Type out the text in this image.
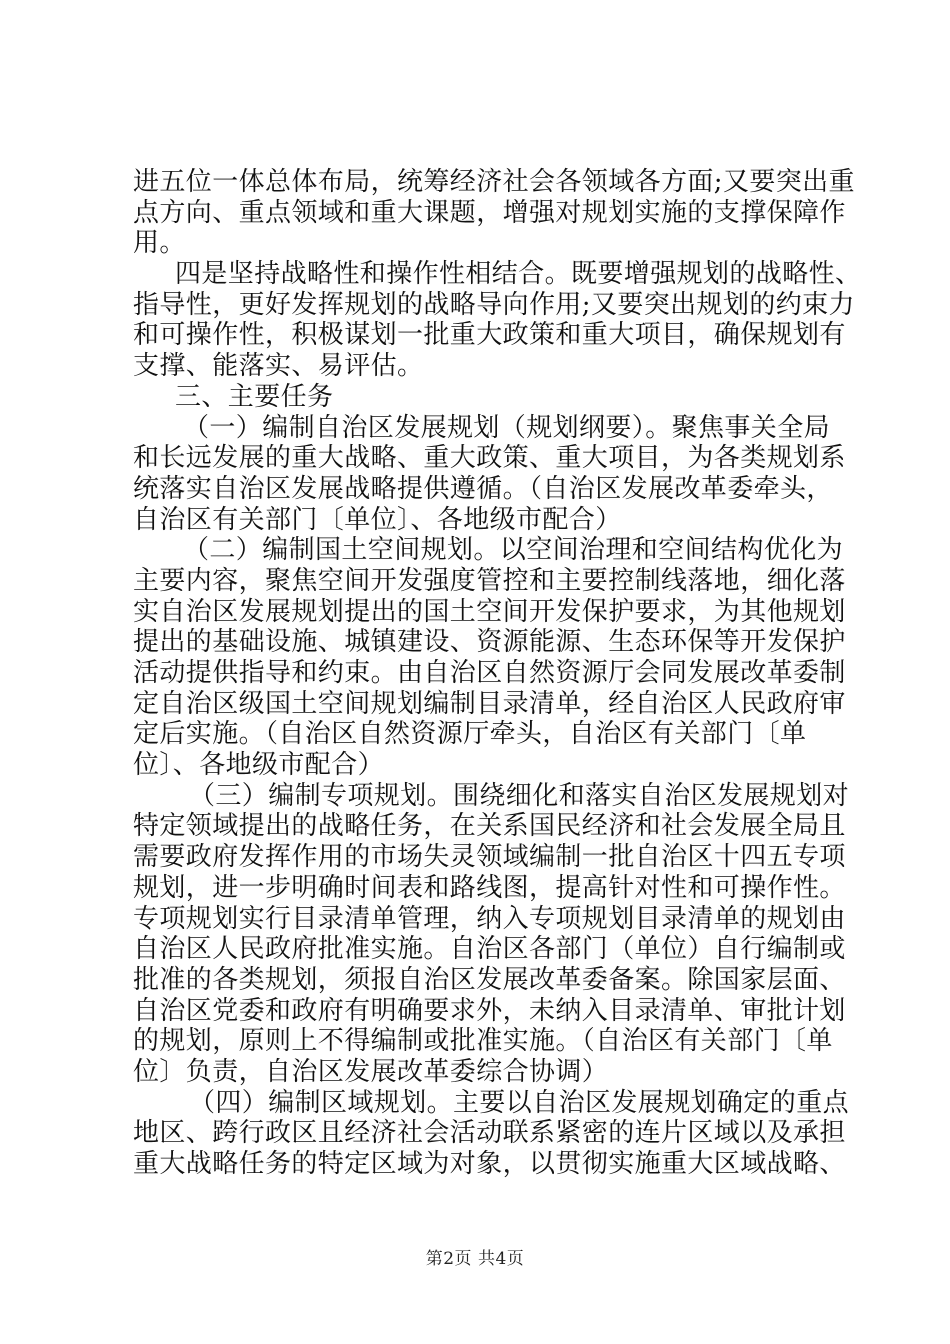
进五位一体总体布局，统筹经济社会各领域各方面;又要突出重
点方向、重点领域和重大课题，增强对规划实施的支撑保障作
用。
四是坚持战略性和操作性相结合。既要增强规划的战略性、
指导性，更好发挥规划的战略导向作用;又要突出规划的约束力
和可操作性，积极谋划一批重大政策和重大项目，确保规划有
支撑、能落实、易评估。
三、主要任务
（一）编制自治区发展规划（规划纲要）。聚焦事关全局
和长远发展的重大战略、重大政策、重大项目，为各类规划系
统落实自治区发展战略提供遵循。（自治区发展改革委牵头，
自治区有关部门〔单位〕、各地级市配合）
（二）编制国土空间规划。以空间治理和空间结构优化为
主要内容，聚焦空间开发强度管控和主要控制线落地，细化落
实自治区发展规划提出的国土空间开发保护要求，为其他规划
提出的基础设施、城镇建设、资源能源、生态环保等开发保护
活动提供指导和约束。由自治区自然资源厅会同发展改革委制
定自治区级国土空间规划编制目录清单，经自治区人民政府审
定后实施。（自治区自然资源厅牵头，自治区有关部门〔单
位〕、各地级市配合）
（三）编制专项规划。围绕细化和落实自治区发展规划对
特定领域提出的战略任务，在关系国民经济和社会发展全局且
需要政府发挥作用的市场失灵领域编制一批自治区十四五专项
规划，进一步明确时间表和路线图，提高针对性和可操作性。
专项规划实行目录清单管理，纳入专项规划目录清单的规划由
自治区人民政府批准实施。自治区各部门（单位）自行编制或
批准的各类规划，须报自治区发展改革委备案。除国家层面、
自治区党委和政府有明确要求外，未纳入目录清单、审批计划
的规划，原则上不得编制或批准实施。（自治区有关部门〔单
位〕负责，自治区发展改革委综合协调）
（四）编制区域规划。主要以自治区发展规划确定的重点
地区、跨行政区且经济社会活动联系紧密的连片区域以及承担
重大战略任务的特定区域为对象，以贯彻实施重大区域战略、
第2页 共4页
